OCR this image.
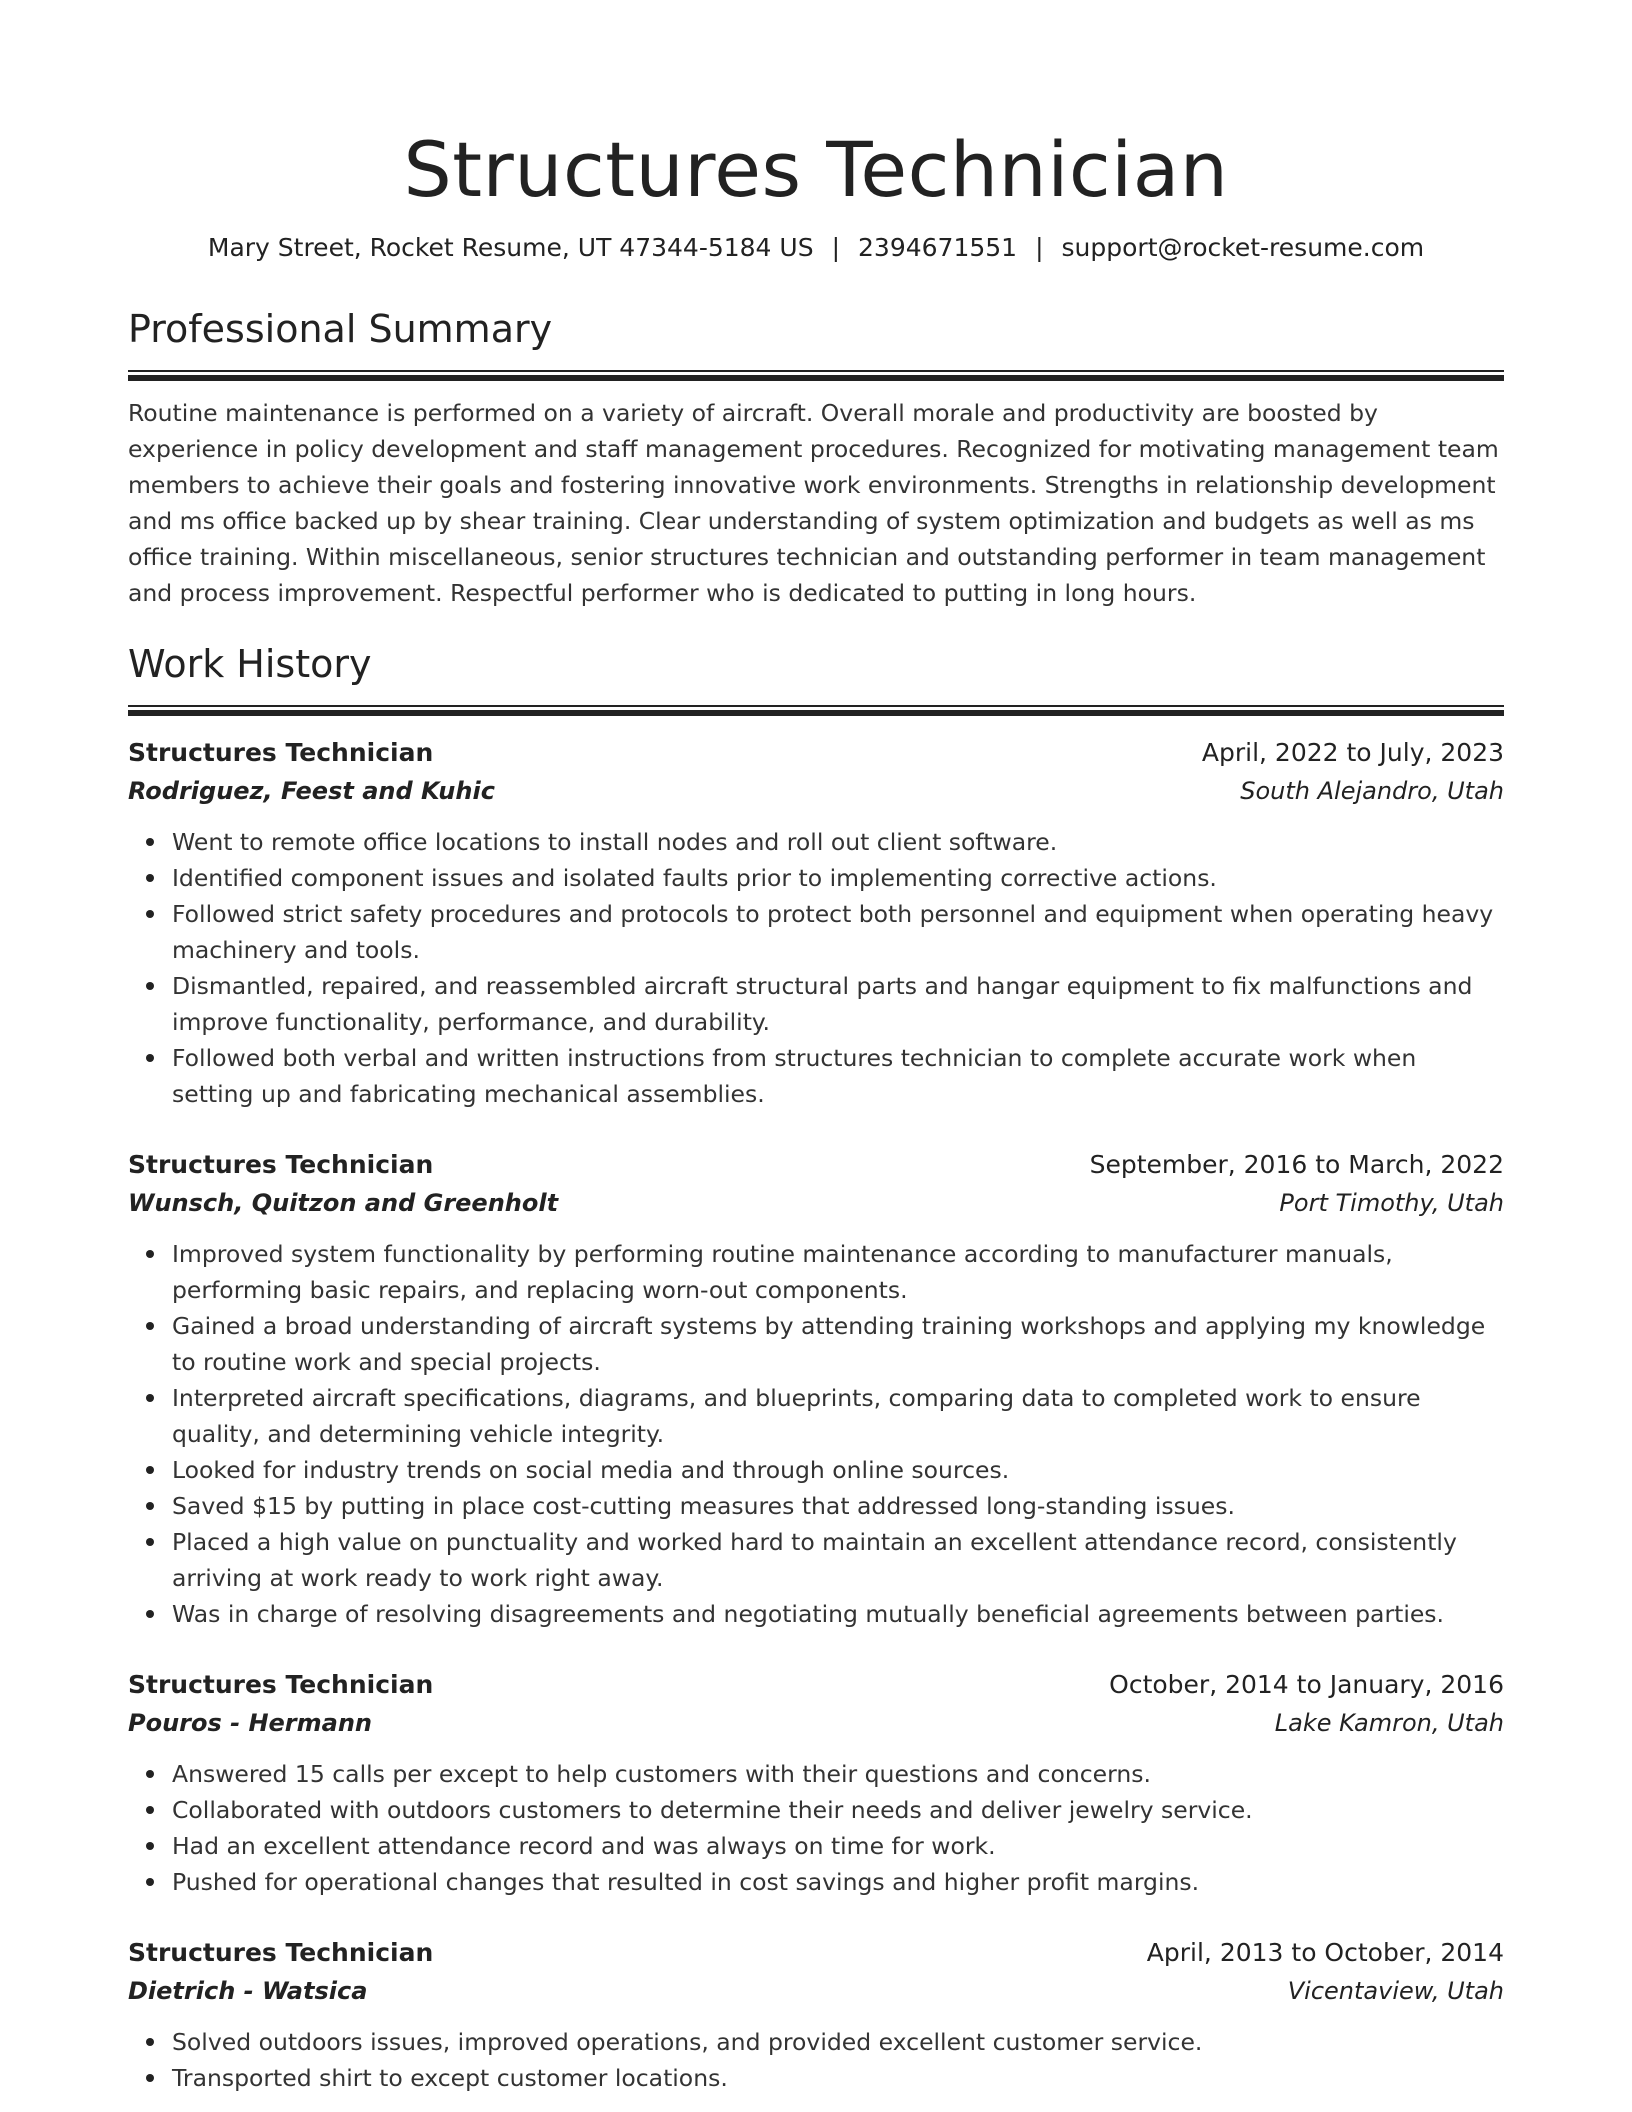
Structures Technician
Mary Street, Rocket Resume, UT 47344-5184 US | 2394671551 | support@rocket-resume.com
Professional Summary

Routine maintenance is performed on a variety of aircraft. Overall morale and productivity are boosted by experience in policy development and staff management procedures. Recognized for motivating management team members to achieve their goals and fostering innovative work environments. Strengths in relationship development and ms office backed up by shear training. Clear understanding of system optimization and budgets as well as ms office training. Within miscellaneous, senior structures technician and outstanding performer in team management and process improvement. Respectful performer who is dedicated to putting in long hours.

Work History
Structures Technician	April, 2022 to July, 2023
Rodriguez, Feest and Kuhic	South Alejandro, Utah
Went to remote office locations to install nodes and roll out client software.
Identified component issues and isolated faults prior to implementing corrective actions.
Followed strict safety procedures and protocols to protect both personnel and equipment when operating heavy machinery and tools.
Dismantled, repaired, and reassembled aircraft structural parts and hangar equipment to fix malfunctions and improve functionality, performance, and durability.
Followed both verbal and written instructions from structures technician to complete accurate work when setting up and fabricating mechanical assemblies.
Structures Technician	September, 2016 to March, 2022
Wunsch, Quitzon and Greenholt	Port Timothy, Utah
Improved system functionality by performing routine maintenance according to manufacturer manuals, performing basic repairs, and replacing worn-out components.
Gained a broad understanding of aircraft systems by attending training workshops and applying my knowledge to routine work and special projects.
Interpreted aircraft specifications, diagrams, and blueprints, comparing data to completed work to ensure quality, and determining vehicle integrity.
Looked for industry trends on social media and through online sources.
Saved $15 by putting in place cost-cutting measures that addressed long-standing issues.
Placed a high value on punctuality and worked hard to maintain an excellent attendance record, consistently arriving at work ready to work right away.
Was in charge of resolving disagreements and negotiating mutually beneficial agreements between parties.
Structures Technician	October, 2014 to January, 2016
Pouros - Hermann	Lake Kamron, Utah
Answered 15 calls per except to help customers with their questions and concerns.
Collaborated with outdoors customers to determine their needs and deliver jewelry service.
Had an excellent attendance record and was always on time for work.
Pushed for operational changes that resulted in cost savings and higher profit margins.
Structures Technician	April, 2013 to October, 2014
Dietrich - Watsica	Vicentaview, Utah
Solved outdoors issues, improved operations, and provided excellent customer service.
Transported shirt to except customer locations.
